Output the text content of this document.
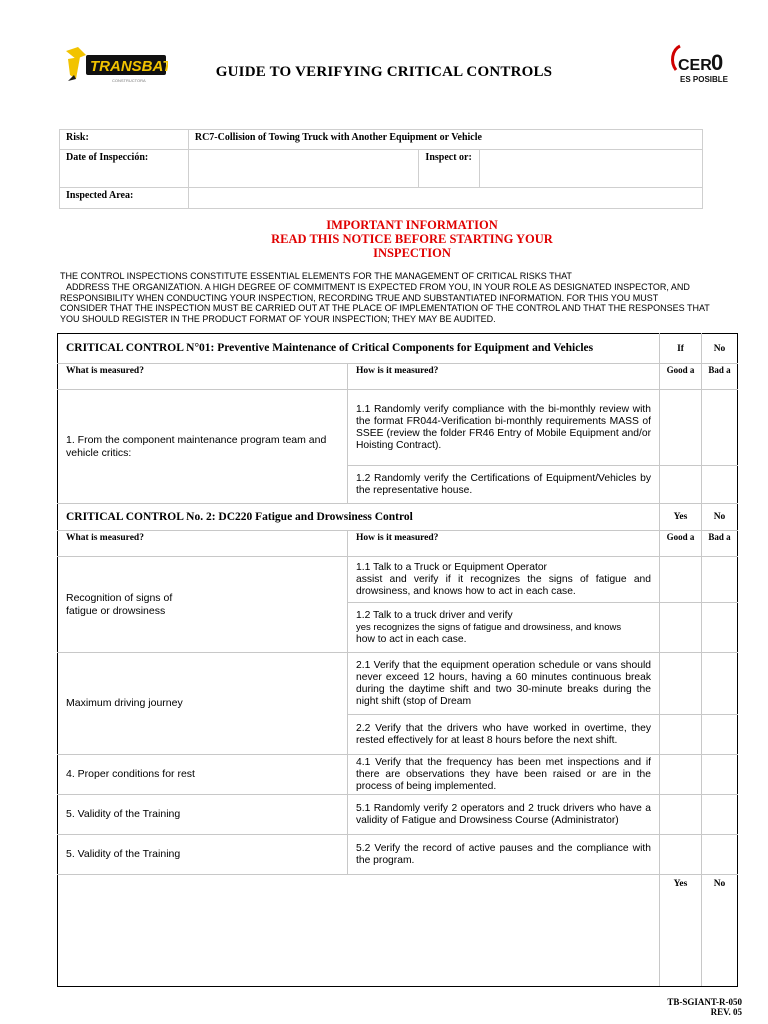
TRANSBAT
CONSTRUCTORA
CER 0
ES POSIBLE
GUIDE TO VERIFYING CRITICAL CONTROLS
Risk:	RC7-Collision of Towing Truck with Another Equipment or Vehicle		
Date of Inspección:		Inspect or:	
Inspected Area:			
IMPORTANT INFORMATION
READ THIS NOTICE BEFORE STARTING YOUR
INSPECTION
THE CONTROL INSPECTIONS CONSTITUTE ESSENTIAL ELEMENTS FOR THE MANAGEMENT OF CRITICAL RISKS THAT
ADDRESS THE ORGANIZATION. A HIGH DEGREE OF COMMITMENT IS EXPECTED FROM YOU, IN YOUR ROLE AS DESIGNATED INSPECTOR, AND
RESPONSIBILITY WHEN CONDUCTING YOUR INSPECTION, RECORDING TRUE AND SUBSTANTIATED INFORMATION. FOR THIS YOU MUST
CONSIDER THAT THE INSPECTION MUST BE CARRIED OUT AT THE PLACE OF IMPLEMENTATION OF THE CONTROL AND THAT THE RESPONSES THAT
YOU SHOULD REGISTER IN THE PRODUCT FORMAT OF YOUR INSPECTION; THEY MAY BE AUDITED.
CRITICAL CONTROL N°01: Preventive Maintenance of Critical Components for Equipment and Vehicles		If	No
What is measured?	How is it measured?	Good a	Bad a
1. From the component maintenance program team and vehicle critics:	1.1 Randomly verify compliance with the bi-monthly review with the format FR044-Verification bi-monthly requirements MASS of SSEE (review the folder FR46 Entry of Mobile Equipment and/or Hoisting Contract).		
	1.2 Randomly verify the Certifications of Equipment/Vehicles by the representative house.		
CRITICAL CONTROL No. 2: DC220 Fatigue and Drowsiness Control		Yes	No
What is measured?	How is it measured?	Good a	Bad a
Recognition of signs of fatigue or drowsiness	1.1 Talk to a Truck or Equipment Operator
assist and verify if it recognizes the signs of fatigue and drowsiness, and knows how to act in each case.		

	1.2 Talk to a truck driver and verify
yes recognizes the signs of fatigue and drowsiness, and knows
how to act in each case.		

Maximum driving journey	2.1 Verify that the equipment operation schedule or vans should never exceed 12 hours, having a 60 minutes continuous break during the daytime shift and two 30-minute breaks during the night shift (stop of Dream		
	2.2 Verify that the drivers who have worked in overtime, they rested effectively for at least 8 hours before the next shift.		
4. Proper conditions for rest	4.1 Verify that the frequency has been met inspections and if there are observations they have been raised or are in the process of being implemented.		
5. Validity of the Training	5.1 Randomly verify 2 operators and 2 truck drivers who have a validity of Fatigue and Drowsiness Course (Administrator)		
5. Validity of the Training	5.2 Verify the record of active pauses and the compliance with the program.		
		Yes	No
TB-SGIANT-R-050
REV. 05
